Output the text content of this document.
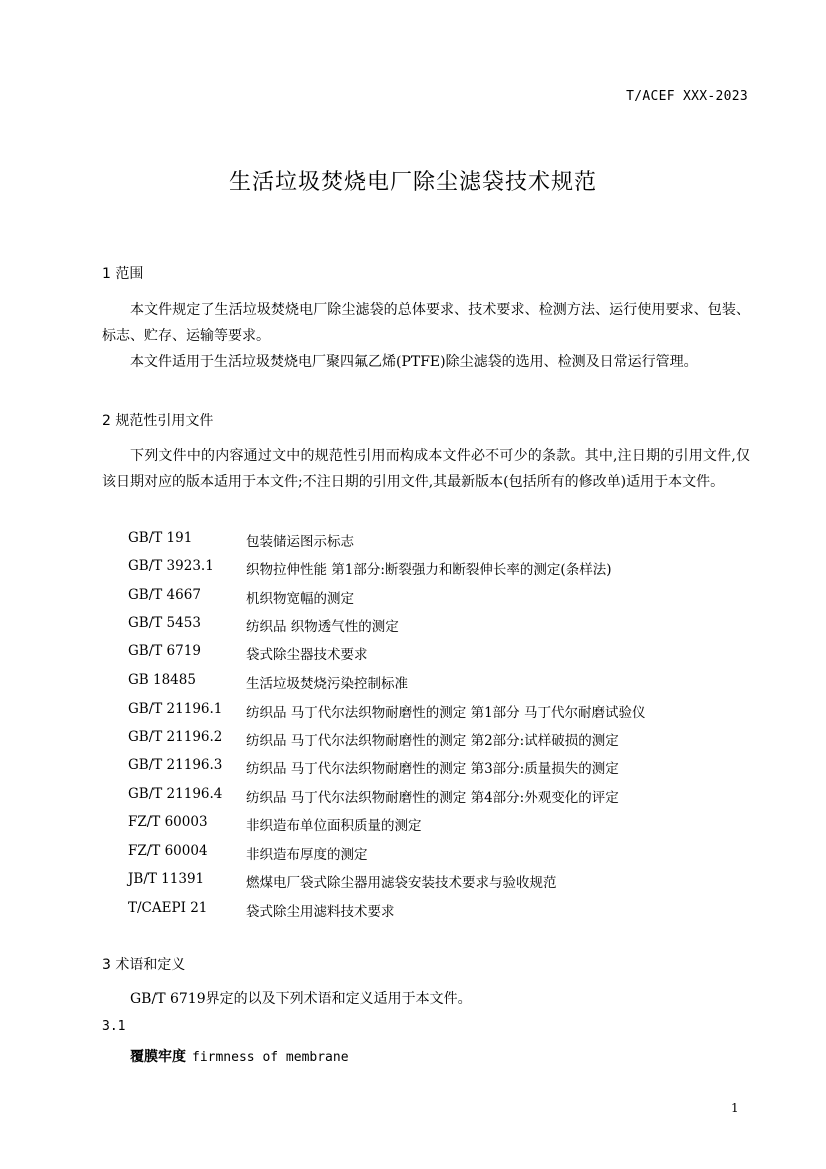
T/ACEF XXX-2023
生活垃圾焚烧电厂除尘滤袋技术规范
1 范围
本文件规定了生活垃圾焚烧电厂除尘滤袋的总体要求、技术要求、检测方法、运行使用要求、包装、标志、贮存、运输等要求。
本文件适用于生活垃圾焚烧电厂聚四氟乙烯(PTFE)除尘滤袋的选用、检测及日常运行管理。
2 规范性引用文件
下列文件中的内容通过文中的规范性引用而构成本文件必不可少的条款。其中,注日期的引用文件,仅该日期对应的版本适用于本文件;不注日期的引用文件,其最新版本(包括所有的修改单)适用于本文件。
GB/T 191	包装储运图示标志
GB/T 3923.1 织物拉伸性能 第1部分:断裂强力和断裂伸长率的测定(条样法)
GB/T 4667	机织物宽幅的测定
GB/T 5453	纺织品 织物透气性的测定
GB/T 6719	袋式除尘器技术要求
GB 18485	生活垃圾焚烧污染控制标准
GB/T 21196.1 纺织品 马丁代尔法织物耐磨性的测定 第1部分 马丁代尔耐磨试验仪
GB/T 21196.2 纺织品 马丁代尔法织物耐磨性的测定 第2部分:试样破损的测定
GB/T 21196.3 纺织品 马丁代尔法织物耐磨性的测定 第3部分:质量损失的测定
GB/T 21196.4 纺织品 马丁代尔法织物耐磨性的测定 第4部分:外观变化的评定
FZ/T 60003	非织造布单位面积质量的测定
FZ/T 60004	非织造布厚度的测定
JB/T 11391	燃煤电厂袋式除尘器用滤袋安装技术要求与验收规范
T/CAEPI 21	袋式除尘用滤料技术要求
3 术语和定义
GB/T 6719界定的以及下列术语和定义适用于本文件。
3.1
覆膜牢度 firmness of membrane
1
